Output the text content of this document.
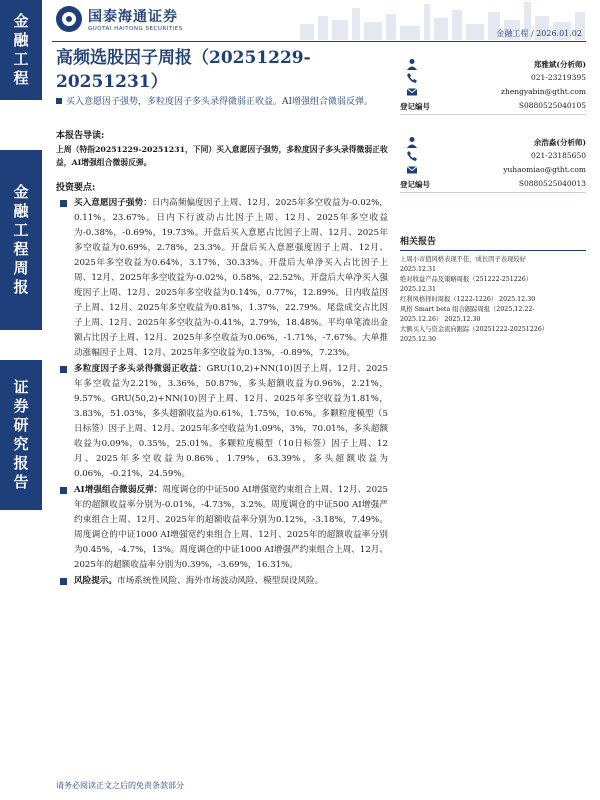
金
融
工
程
金
融
工
程
周
报
证
券
研
究
报
告
国泰海通证券
GUOTAI HAITONG SECURITIES	金融工程 / 2026.01.02
高频选股因子周报（20251229-
20251231）
买入意愿因子强势，多粒度因子多头录得微弱正收益。AI增强组合微弱反弹。
郑雅斌(分析师)
021-23219395
zhengyabin@gtht.com
登记编号	S0880525040105
余浩淼(分析师)
021-23185650
yuhaomiao@gtht.com
登记编号	S0880525040013
本报告导读:
上周（特指20251229-20251231，下同）买入意愿因子强势，多粒度因子多头录得微弱正收益，AI增强组合微弱反弹。
投资要点:
买入意愿因子强势：日内高频偏度因子上周、12月、2025年多空收益为-0.02%，0.11%，23.67%。日内下行波动占比因子上周、12月、2025年多空收益为-0.38%，-0.69%，19.73%。开盘后买入意愿占比因子上周、12月、2025年多空收益为0.69%，2.78%，23.3%。开盘后买入意愿强度因子上周、12月、2025年多空收益为0.64%，3.17%，30.33%。开盘后大单净买入占比因子上周、12月、2025年多空收益为-0.02%，0.58%，22.52%。开盘后大单净买入强度因子上周、12月、2025年多空收益为0.14%，0.77%，12.89%。日内收益因子上周、12月、2025年多空收益为0.81%，1.37%，22.79%。尾盘成交占比因子上周、12月、2025年多空收益为-0.41%，2.79%，18.48%。平均单笔流出金额占比因子上周、12月、2025年多空收益为0.06%，-1.71%，-7.67%。大单推动涨幅因子上周、12月、2025年多空收益为0.13%，-0.89%，7.23%。
多粒度因子多头录得微弱正收益：GRU(10,2)+NN(10)因子上周、12月、2025年多空收益为2.21%，3.36%，50.87%，多头超额收益为0.96%，2.21%，9.57%。GRU(50,2)+NN(10)因子上周、12月、2025年多空收益为1.81%，3.83%，51.03%，多头超额收益为0.61%，1.75%，10.6%。多颗粒度模型（5日标签）因子上周、12月、2025年多空收益为1.09%，3%，70.01%，多头超额收益为0.09%，0.35%，25.01%。多颗粒度模型（10日标签）因子上周、12月、2025年多空收益为0.86%，1.79%，63.39%，多头超额收益为0.06%，-0.21%，24.59%。
AI增强组合微弱反弹：周度调仓的中证500 AI增强宽约束组合上周、12月、2025年的超额收益率分别为-0.01%，-4.73%，3.2%。周度调仓的中证500 AI增强严约束组合上周、12月、2025年的超额收益率分别为0.12%，-3.18%，7.49%。周度调仓的中证1000 AI增强宽约束组合上周、12月、2025年的超额收益率分别为0.45%，-4.7%，13%。周度调仓的中证1000 AI增强严约束组合上周、12月、2025年的超额收益率分别为0.39%，-3.69%，16.31%。
风险提示。市场系统性风险、海外市场波动风险、模型误设风险。
相关报告
上周小市值风格表现不佳，成长因子表现较好
2025.12.31
绝对收益产品及策略周报（251222-251226）
2025.12.31
红利风格择时周报（1222-1226） 2025.12.30
风格 Smart beta 组合跟踪周报（2025.12.22-
2025.12.26） 2025.12.30
大额买入与资金流向跟踪（20251222-20251226）
2025.12.30
请务必阅读正文之后的免责条款部分
